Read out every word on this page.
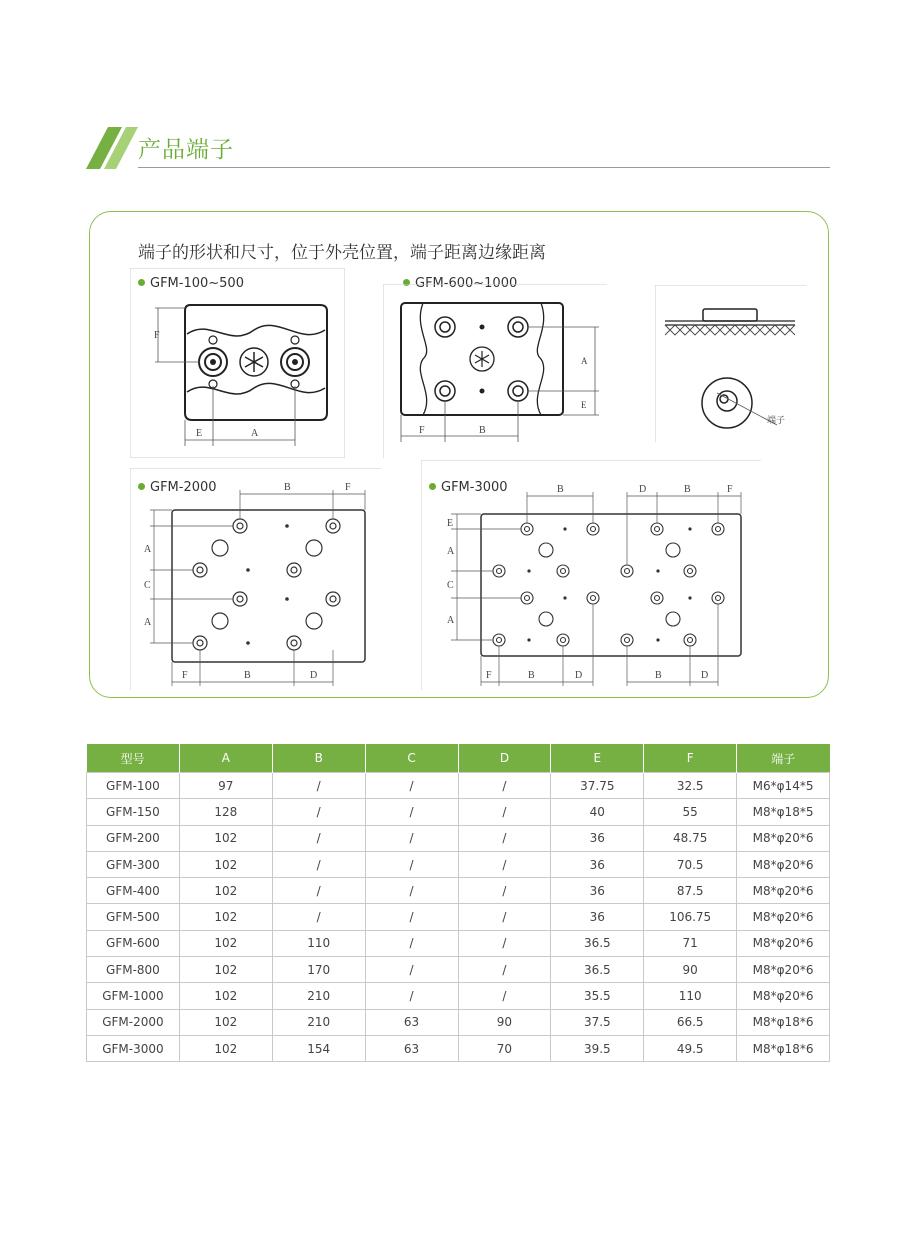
产品端子
端子的形状和尺寸，位于外壳位置，端子距离边缘距离
GFM-100~500
F
E	A
GFM-600~1000
A
E
F	B
端子
GFM-2000	B	F
A
C
A
F	B	D
GFM-3000	B	D	B	F
E
A
C
A
F	B	D	B	D
型号	A	B	C	D	E	F	端子
GFM-100	97	/	/	/	37.75	32.5	M6*φ14*5
GFM-150	128	/	/	/	40	55	M8*φ18*5
GFM-200	102	/	/	/	36	48.75	M8*φ20*6
GFM-300	102	/	/	/	36	70.5	M8*φ20*6
GFM-400	102	/	/	/	36	87.5	M8*φ20*6
GFM-500	102	/	/	/	36	106.75	M8*φ20*6
GFM-600	102	110	/	/	36.5	71	M8*φ20*6
GFM-800	102	170	/	/	36.5	90	M8*φ20*6
GFM-1000	102	210	/	/	35.5	110	M8*φ20*6
GFM-2000	102	210	63	90	37.5	66.5	M8*φ18*6
GFM-3000	102	154	63	70	39.5	49.5	M8*φ18*6
